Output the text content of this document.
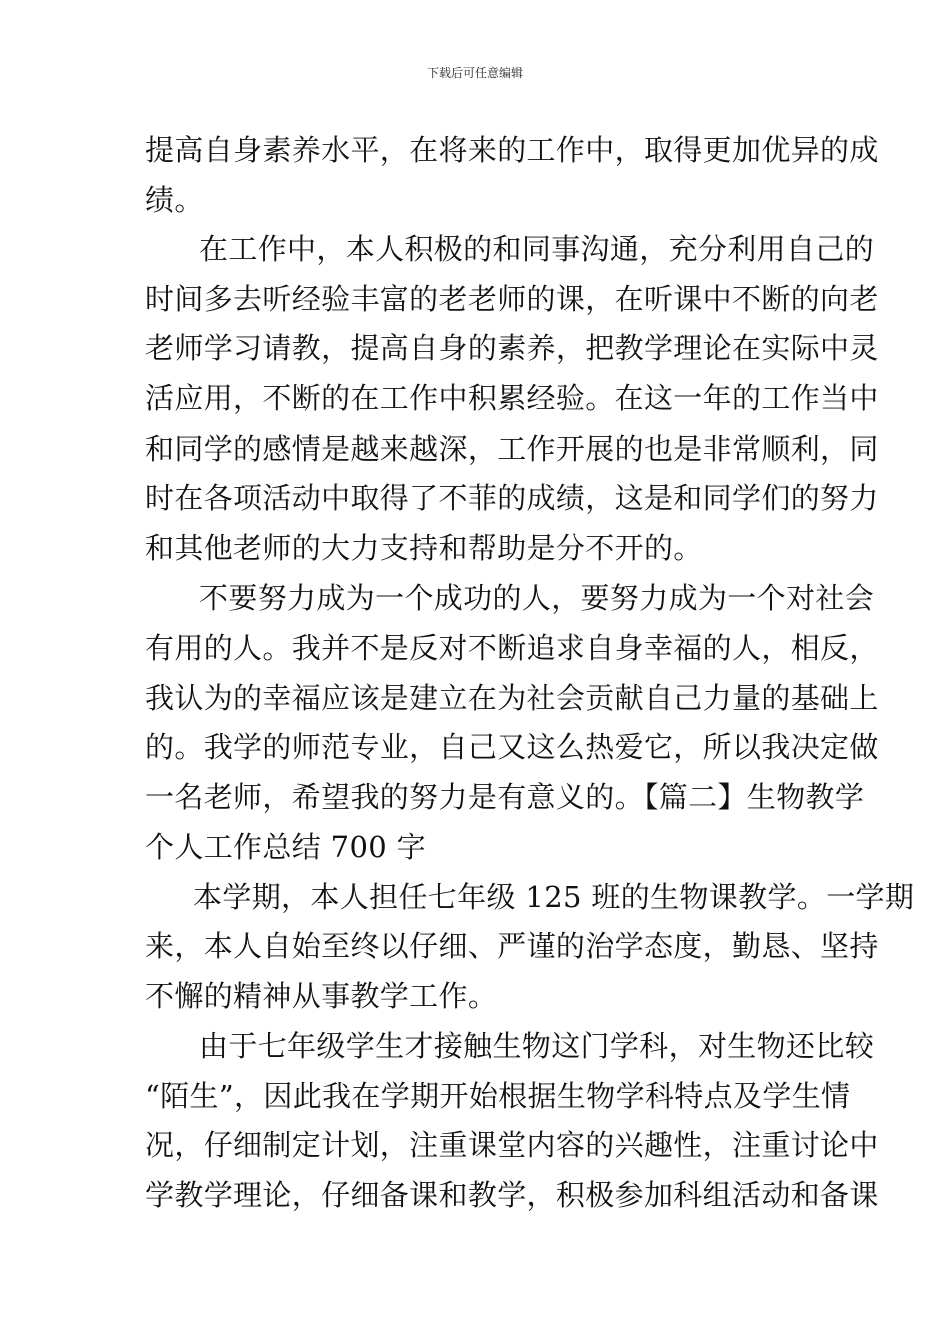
下载后可任意编辑
提高自身素养水平，在将来的工作中，取得更加优异的成
绩。
在工作中，本人积极的和同事沟通，充分利用自己的
时间多去听经验丰富的老老师的课，在听课中不断的向老
老师学习请教，提高自身的素养，把教学理论在实际中灵
活应用，不断的在工作中积累经验。在这一年的工作当中
和同学的感情是越来越深，工作开展的也是非常顺利，同
时在各项活动中取得了不菲的成绩，这是和同学们的努力
和其他老师的大力支持和帮助是分不开的。
不要努力成为一个成功的人，要努力成为一个对社会
有用的人。我并不是反对不断追求自身幸福的人，相反，
我认为的幸福应该是建立在为社会贡献自己力量的基础上
的。我学的师范专业，自己又这么热爱它，所以我决定做
一名老师，希望我的努力是有意义的。【篇二】生物教学
个人工作总结 700 字
本学期，本人担任七年级 125 班的生物课教学。一学期
来，本人自始至终以仔细、严谨的治学态度，勤恳、坚持
不懈的精神从事教学工作。
由于七年级学生才接触生物这门学科，对生物还比较
“陌生”，因此我在学期开始根据生物学科特点及学生情
况，仔细制定计划，注重课堂内容的兴趣性，注重讨论中
学教学理论，仔细备课和教学，积极参加科组活动和备课
